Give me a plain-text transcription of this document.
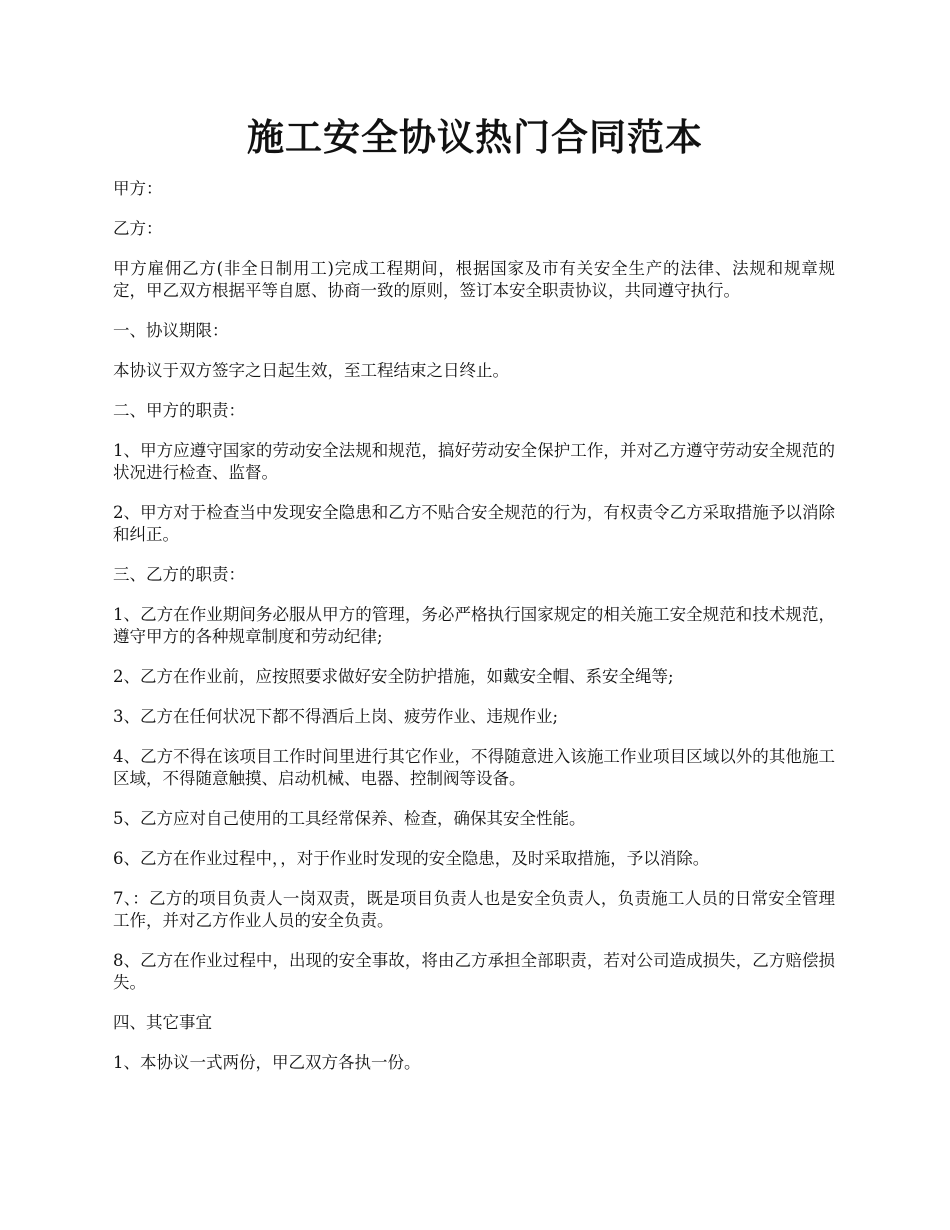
施工安全协议热门合同范本

甲方：

乙方：

甲方雇佣乙方(非全日制用工)完成工程期间，根据国家及市有关安全生产的法律、法规和规章规定，甲乙双方根据平等自愿、协商一致的原则，签订本安全职责协议，共同遵守执行。

一、协议期限：

本协议于双方签字之日起生效，至工程结束之日终止。

二、甲方的职责：

1、甲方应遵守国家的劳动安全法规和规范，搞好劳动安全保护工作，并对乙方遵守劳动安全规范的状况进行检查、监督。

2、甲方对于检查当中发现安全隐患和乙方不贴合安全规范的行为，有权责令乙方采取措施予以消除和纠正。

三、乙方的职责：

1、乙方在作业期间务必服从甲方的管理，务必严格执行国家规定的相关施工安全规范和技术规范，遵守甲方的各种规章制度和劳动纪律;

2、乙方在作业前，应按照要求做好安全防护措施，如戴安全帽、系安全绳等;

3、乙方在任何状况下都不得酒后上岗、疲劳作业、违规作业;

4、乙方不得在该项目工作时间里进行其它作业，不得随意进入该施工作业项目区域以外的其他施工区域，不得随意触摸、启动机械、电器、控制阀等设备。

5、乙方应对自己使用的工具经常保养、检查，确保其安全性能。

6、乙方在作业过程中，，对于作业时发现的安全隐患，及时采取措施，予以消除。

7、：乙方的项目负责人一岗双责，既是项目负责人也是安全负责人，负责施工人员的日常安全管理工作，并对乙方作业人员的安全负责。

8、乙方在作业过程中，出现的安全事故，将由乙方承担全部职责，若对公司造成损失，乙方赔偿损失。

四、其它事宜

1、本协议一式两份，甲乙双方各执一份。
